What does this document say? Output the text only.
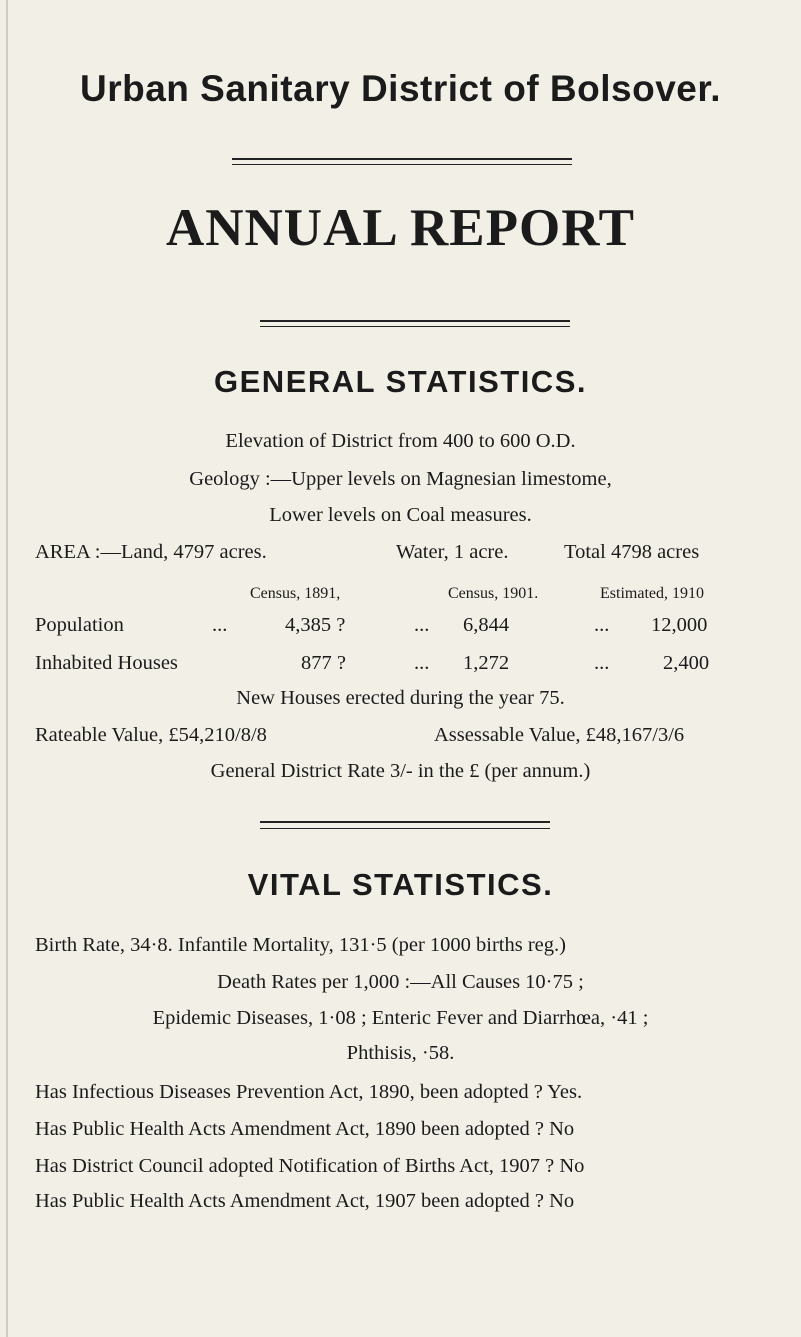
Urban Sanitary District of Bolsover.
ANNUAL REPORT
GENERAL STATISTICS.
Elevation of District from 400 to 600 O.D.
Geology :—Upper levels on Magnesian limestome,
Lower levels on Coal measures.
AREA :—Land, 4797 acres.	Water, 1 acre.	Total 4798 acres
Census, 1891,	Census, 1901.	Estimated, 1910
Population	...	4,385 ?	... 6,844	... 12,000
Inhabited Houses	877 ?	... 1,272	...	2,400
New Houses erected during the year 75.
Rateable Value, £54,210/8/8	Assessable Value, £48,167/3/6
General District Rate 3/- in the £ (per annum.)
VITAL STATISTICS.
Birth Rate, 34·8. Infantile Mortality, 131·5 (per 1000 births reg.)
Death Rates per 1,000 :—All Causes 10·75 ;
Epidemic Diseases, 1·08 ; Enteric Fever and Diarrhœa, ·41 ;
Phthisis, ·58.
Has Infectious Diseases Prevention Act, 1890, been adopted ? Yes.
Has Public Health Acts Amendment Act, 1890 been adopted ? No
Has District Council adopted Notification of Births Act, 1907 ? No
Has Public Health Acts Amendment Act, 1907 been adopted ? No
